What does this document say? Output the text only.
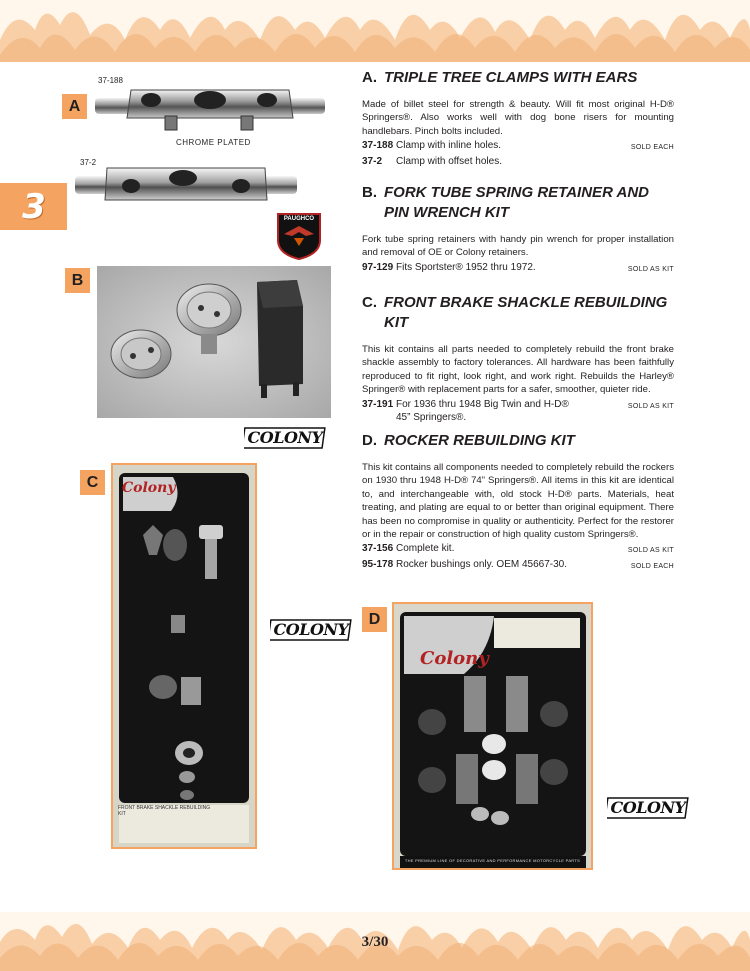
3
A
37-188
37-2
CHROME PLATED
PAUGHCO
B
COLONY
C	Colony
FRONT BRAKE SHACKLE REBUILDING KIT
COLONY
D
Colony
THE PREMIUM LINE OF DECORATIVE AND PERFORMANCE MOTORCYCLE PARTS
COLONY
A. TRIPLE TREE CLAMPS WITH EARS
Made of billet steel for strength & beauty. Will fit most original H-D® Springers®. Also works well with dog bone risers for mounting handlebars. Pinch bolts included.
37-188 Clamp with inline holes.	SOLD EACH
37-2	Clamp with offset holes.
B. FORK TUBE SPRING RETAINER AND PIN WRENCH KIT
Fork tube spring retainers with handy pin wrench for proper installation and removal of OE or Colony retainers.
97-129 Fits Sportster® 1952 thru 1972.	SOLD AS KIT
C. FRONT BRAKE SHACKLE REBUILDING KIT
This kit contains all parts needed to completely rebuild the front brake shackle assembly to factory tolerances. All hardware has been faithfully reproduced to fit right, look right, and work right. Rebuilds the Harley® Springer® with replacement parts for a safer, smoother, quieter ride.
37-191 For 1936 thru 1948 Big Twin and H-D® 45” Springers®.
SOLD AS KIT
D. ROCKER REBUILDING KIT
This kit contains all components needed to completely rebuild the rockers on 1930 thru 1948 H-D® 74” Springers®. All items in this kit are identical to, and interchangeable with, old stock H-D® parts. Materials, heat treating, and plating are equal to or better than original equipment. There has been no compromise in quality or authenticity. Perfect for the restorer or in the repair or construction of high quality custom Springers®.
37-156 Complete kit.	SOLD AS KIT
95-178 Rocker bushings only. OEM 45667-30.	SOLD EACH
3/30
